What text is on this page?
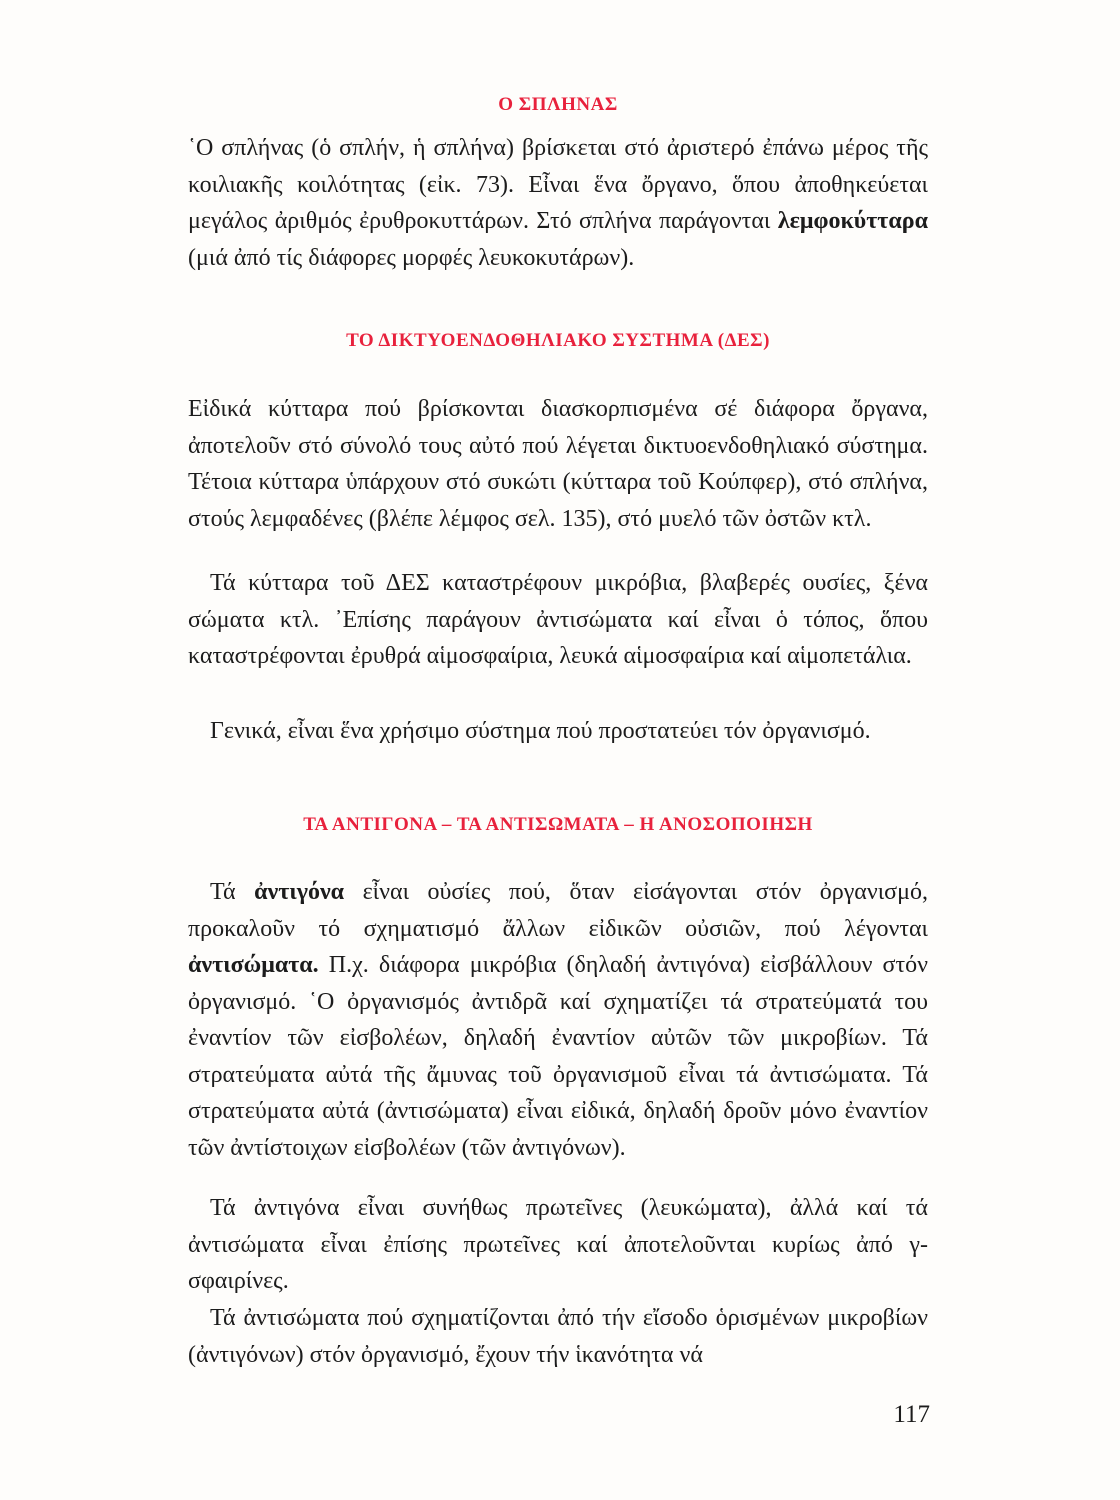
Ο ΣΠΛΗΝΑΣ

῾Ο σπλήνας (ὁ σπλήν, ἡ σπλήνα) βρίσκεται στό ἀριστερό ἐπάνω μέρος τῆς κοιλιακῆς κοιλότητας (εἰκ. 73). Εἶναι ἕνα ὄργανο, ὅπου ἀποθηκεύεται μεγάλος ἀριθμός ἐρυθροκυττάρων. Στό σπλήνα παράγονται λεμφοκύτταρα (μιά ἀπό τίς διάφορες μορφές λευκοκυτάρων).

ΤΟ ΔΙΚΤΥΟΕΝΔΟΘΗΛΙΑΚΟ ΣΥΣΤΗΜΑ (ΔΕΣ)

Εἰδικά κύτταρα πού βρίσκονται διασκορπισμένα σέ διάφορα ὄργανα, ἀποτελοῦν στό σύνολό τους αὐτό πού λέγεται δικτυοενδοθηλιακό σύστημα. Τέτοια κύτταρα ὑπάρχουν στό συκώτι (κύτταρα τοῦ Κούπφερ), στό σπλήνα, στούς λεμφαδένες (βλέπε λέμφος σελ. 135), στό μυελό τῶν ὀστῶν κτλ.

Τά κύτταρα τοῦ ΔΕΣ καταστρέφουν μικρόβια, βλαβερές ουσίες, ξένα σώματα κτλ. ᾿Επίσης παράγουν ἀντισώματα καί εἶναι ὁ τόπος, ὅπου καταστρέφονται ἐρυθρά αἱμοσφαίρια, λευκά αἱμοσφαίρια καί αἱμοπετάλια.

Γενικά, εἶναι ἕνα χρήσιμο σύστημα πού προστατεύει τόν ὀργανισμό.

ΤΑ ΑΝΤΙΓΟΝΑ – ΤΑ ΑΝΤΙΣΩΜΑΤΑ – Η ΑΝΟΣΟΠΟΙΗΣΗ

Τά ἀντιγόνα εἶναι οὐσίες πού, ὅταν εἰσάγονται στόν ὀργανισμό, προκαλοῦν τό σχηματισμό ἄλλων εἰδικῶν οὐσιῶν, πού λέγονται ἀντισώματα. Π.χ. διάφορα μικρόβια (δηλαδή ἀντιγόνα) εἰσβάλλουν στόν ὀργανισμό. ῾Ο ὀργανισμός ἀντιδρᾶ καί σχηματίζει τά στρατεύματά του ἐναντίον τῶν εἰσβολέων, δηλαδή ἐναντίον αὐτῶν τῶν μικροβίων. Τά στρατεύματα αὐτά τῆς ἄμυνας τοῦ ὀργανισμοῦ εἶναι τά ἀντισώματα. Τά στρατεύματα αὐτά (ἀντισώματα) εἶναι εἰδικά, δηλαδή δροῦν μόνο ἐναντίον τῶν ἀντίστοιχων εἰσβολέων (τῶν ἀντιγόνων).

Τά ἀντιγόνα εἶναι συνήθως πρωτεῖνες (λευκώματα), ἀλλά καί τά ἀντισώματα εἶναι ἐπίσης πρωτεῖνες καί ἀποτελοῦνται κυρίως ἀπό γ-σφαιρίνες.

Τά ἀντισώματα πού σχηματίζονται ἀπό τήν εἴσοδο ὁρισμένων μικροβίων (ἀντιγόνων) στόν ὀργανισμό, ἔχουν τήν ἱκανότητα νά

117
